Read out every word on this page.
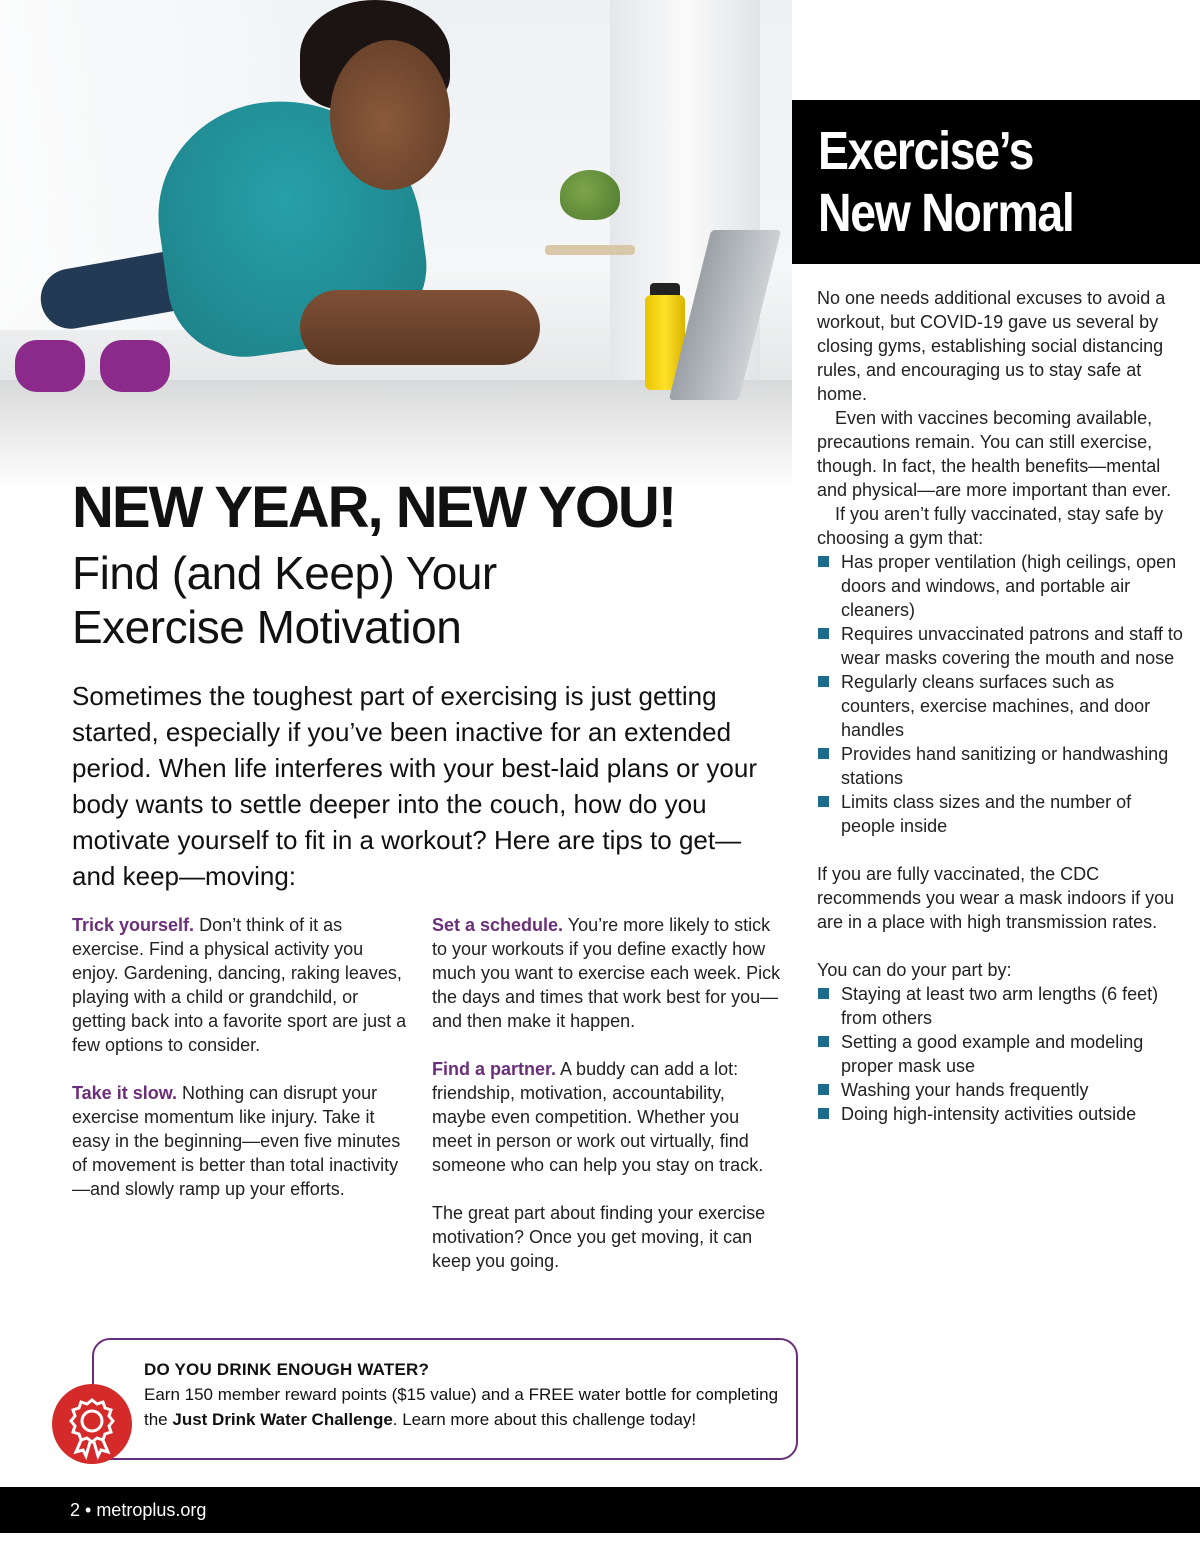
NEW YEAR, NEW YOU!
Find (and Keep) Your
Exercise Motivation

Sometimes the toughest part of exercising is just getting started, especially if you’ve been inactive for an extended period. When life interferes with your best-laid plans or your body wants to settle deeper into the couch, how do you motivate yourself to fit in a workout? Here are tips to get—and keep—moving:

Trick yourself. Don’t think of it as exercise. Find a physical activity you enjoy. Gardening, dancing, raking leaves, playing with a child or grandchild, or getting back into a favorite sport are just a few options to consider.

Take it slow. Nothing can disrupt your exercise momentum like injury. Take it easy in the beginning—even five minutes of movement is better than total inactivity—and slowly ramp up your efforts.

Set a schedule. You’re more likely to stick to your workouts if you define exactly how much you want to exercise each week. Pick the days and times that work best for you—and then make it happen.

Find a partner. A buddy can add a lot: friendship, motivation, accountability, maybe even competition. Whether you meet in person or work out virtually, find someone who can help you stay on track.

The great part about finding your exercise motivation? Once you get moving, it can keep you going.

Exercise’s
New Normal

No one needs additional excuses to avoid a workout, but COVID-19 gave us several by closing gyms, establishing social distancing rules, and encouraging us to stay safe at home.

Even with vaccines becoming available, precautions remain. You can still exercise, though. In fact, the health benefits—mental and physical—are more important than ever.

If you aren’t fully vaccinated, stay safe by choosing a gym that:

Has proper ventilation (high ceilings, open doors and windows, and portable air cleaners)
Requires unvaccinated patrons and staff to wear masks covering the mouth and nose
Regularly cleans surfaces such as counters, exercise machines, and door handles
Provides hand sanitizing or handwashing stations
Limits class sizes and the number of people inside

If you are fully vaccinated, the CDC recommends you wear a mask indoors if you are in a place with high transmission rates.

You can do your part by:

Staying at least two arm lengths (6 feet) from others
Setting a good example and modeling proper mask use
Washing your hands frequently
Doing high-intensity activities outside
DO YOU DRINK ENOUGH WATER?
Earn 150 member reward points ($15 value) and a FREE water bottle for completing the Just Drink Water Challenge. Learn more about this challenge today!
2 • metroplus.org
